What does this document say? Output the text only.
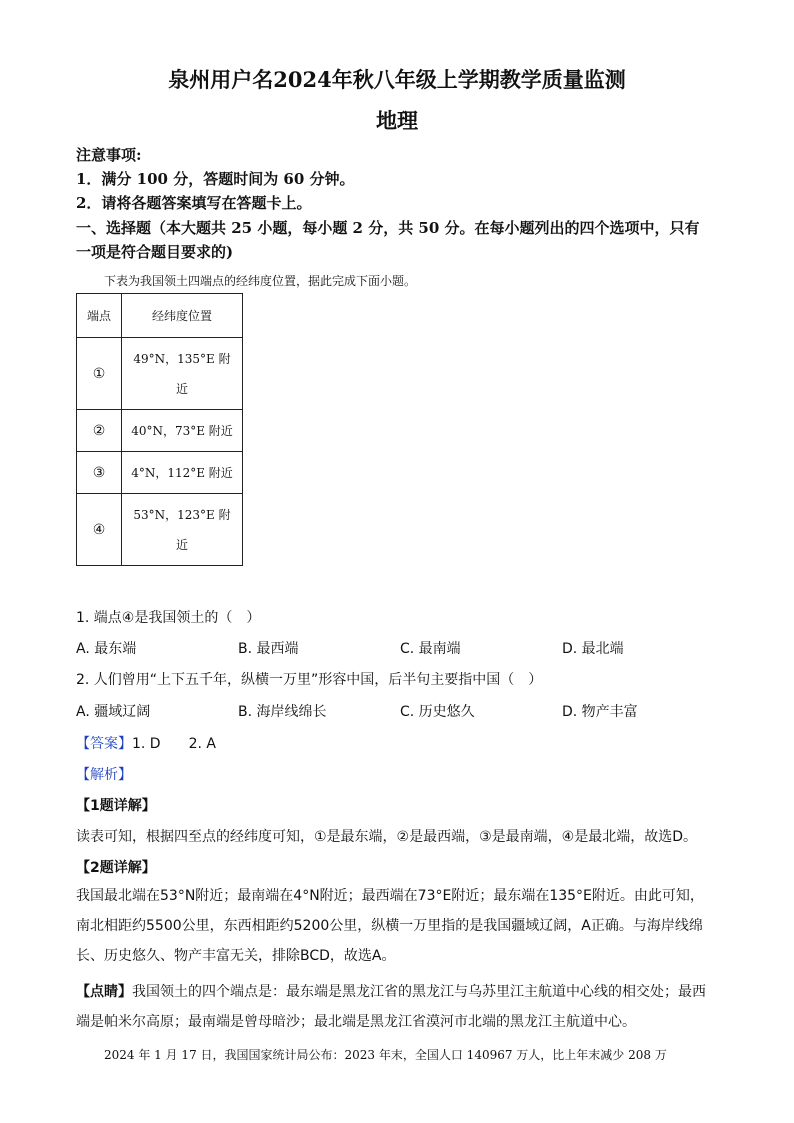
泉州用户名2024年秋八年级上学期教学质量监测
地理
注意事项:
1．满分 100 分，答题时间为 60 分钟。
2．请将各题答案填写在答题卡上。
一、选择题（本大题共 25 小题，每小题 2 分，共 50 分。在每小题列出的四个选项中，只有
一项是符合题目要求的)
下表为我国领土四端点的经纬度位置，据此完成下面小题。
端点	经纬度位置
①	49°N，135°E 附
近

②	40°N，73°E 附近
③	4°N，112°E 附近
④	53°N，123°E 附
近
1. 端点④是我国领土的（　）
A. 最东端	B. 最西端	C. 最南端	D. 最北端
2. 人们曾用“上下五千年，纵横一万里”形容中国，后半句主要指中国（　）
A. 疆域辽阔	B. 海岸线绵长	C. 历史悠久	D. 物产丰富
【答案】1. D　　2. A
【解析】
【1题详解】
读表可知，根据四至点的经纬度可知，①是最东端，②是最西端，③是最南端，④是最北端，故选D。
【2题详解】
我国最北端在53°N附近；最南端在4°N附近；最西端在73°E附近；最东端在135°E附近。由此可知，南北相距约5500公里，东西相距约5200公里，纵横一万里指的是我国疆域辽阔，A正确。与海岸线绵长、历史悠久、物产丰富无关，排除BCD，故选A。
【点睛】我国领土的四个端点是：最东端是黑龙江省的黑龙江与乌苏里江主航道中心线的相交处；最西端是帕米尔高原；最南端是曾母暗沙；最北端是黑龙江省漠河市北端的黑龙江主航道中心。
2024 年 1 月 17 日，我国国家统计局公布：2023 年末，全国人口 140967 万人，比上年末减少 208 万
